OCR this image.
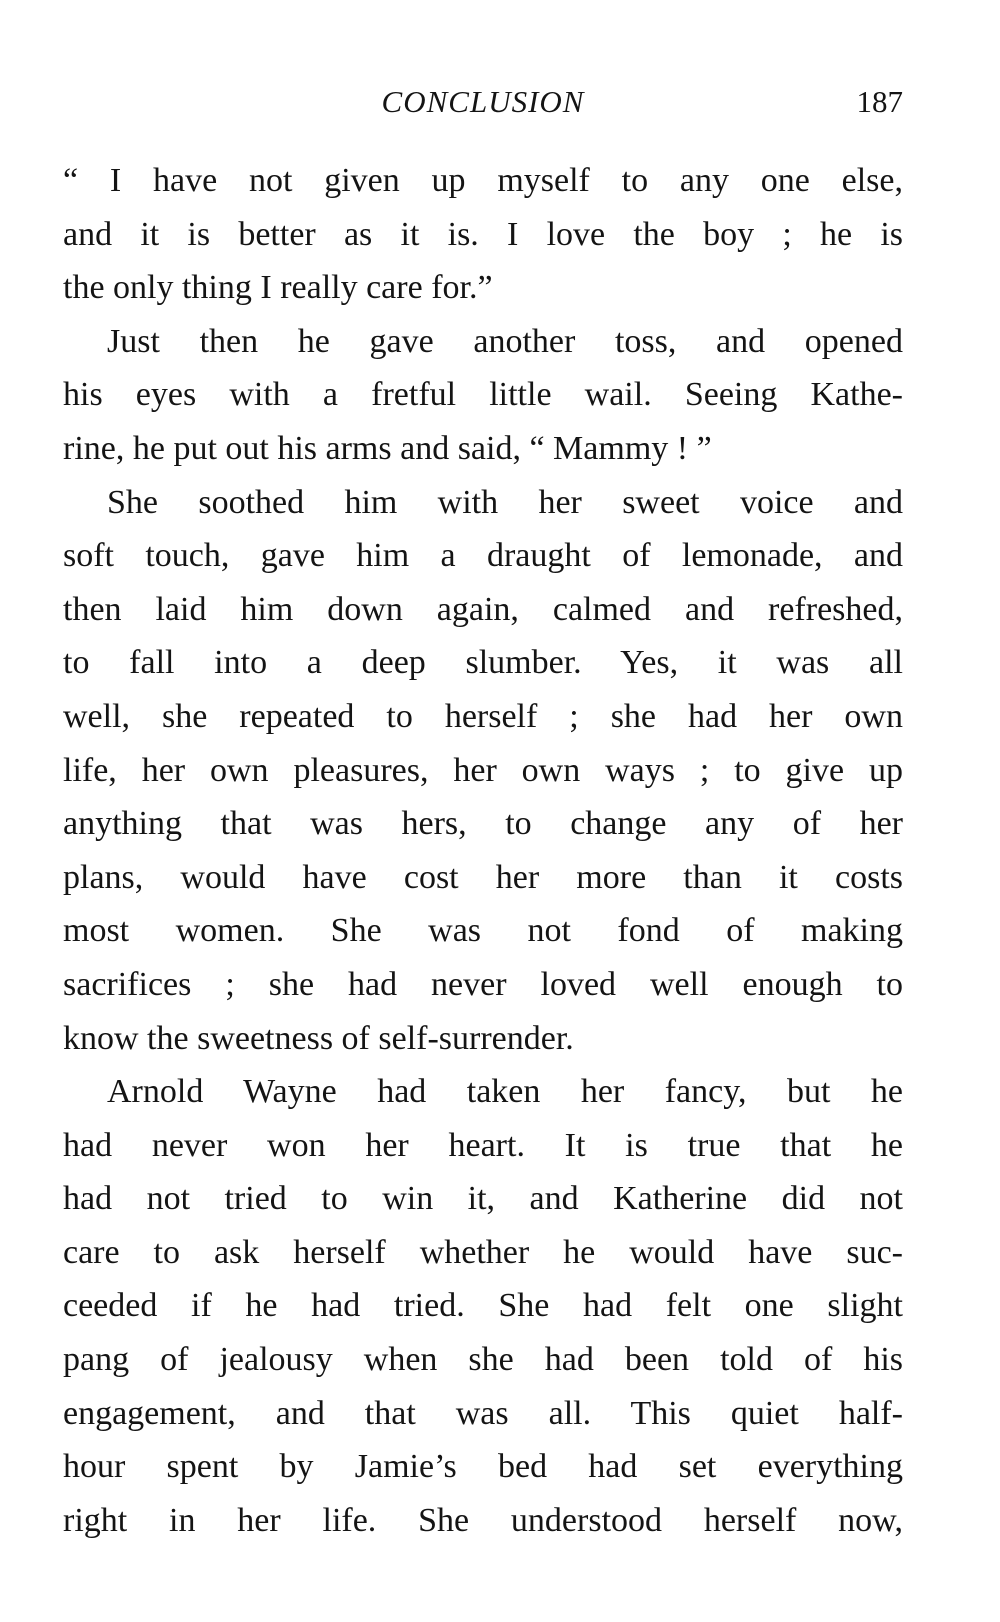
CONCLUSION	187
“ I have not given up myself to any one else,
and it is better as it is. I love the boy ; he is
the only thing I really care for.”
Just then he gave another toss, and opened
his eyes with a fretful little wail. Seeing Kathe-
rine, he put out his arms and said, “ Mammy ! ”
She soothed him with her sweet voice and
soft touch, gave him a draught of lemonade, and
then laid him down again, calmed and refreshed,
to fall into a deep slumber. Yes, it was all
well, she repeated to herself ; she had her own
life, her own pleasures, her own ways ; to give up
anything that was hers, to change any of her
plans, would have cost her more than it costs
most women. She was not fond of making
sacrifices ; she had never loved well enough to
know the sweetness of self-surrender.
Arnold Wayne had taken her fancy, but he
had never won her heart. It is true that he
had not tried to win it, and Katherine did not
care to ask herself whether he would have suc-
ceeded if he had tried. She had felt one slight
pang of jealousy when she had been told of his
engagement, and that was all. This quiet half-
hour spent by Jamie’s bed had set everything
right in her life. She understood herself now,
